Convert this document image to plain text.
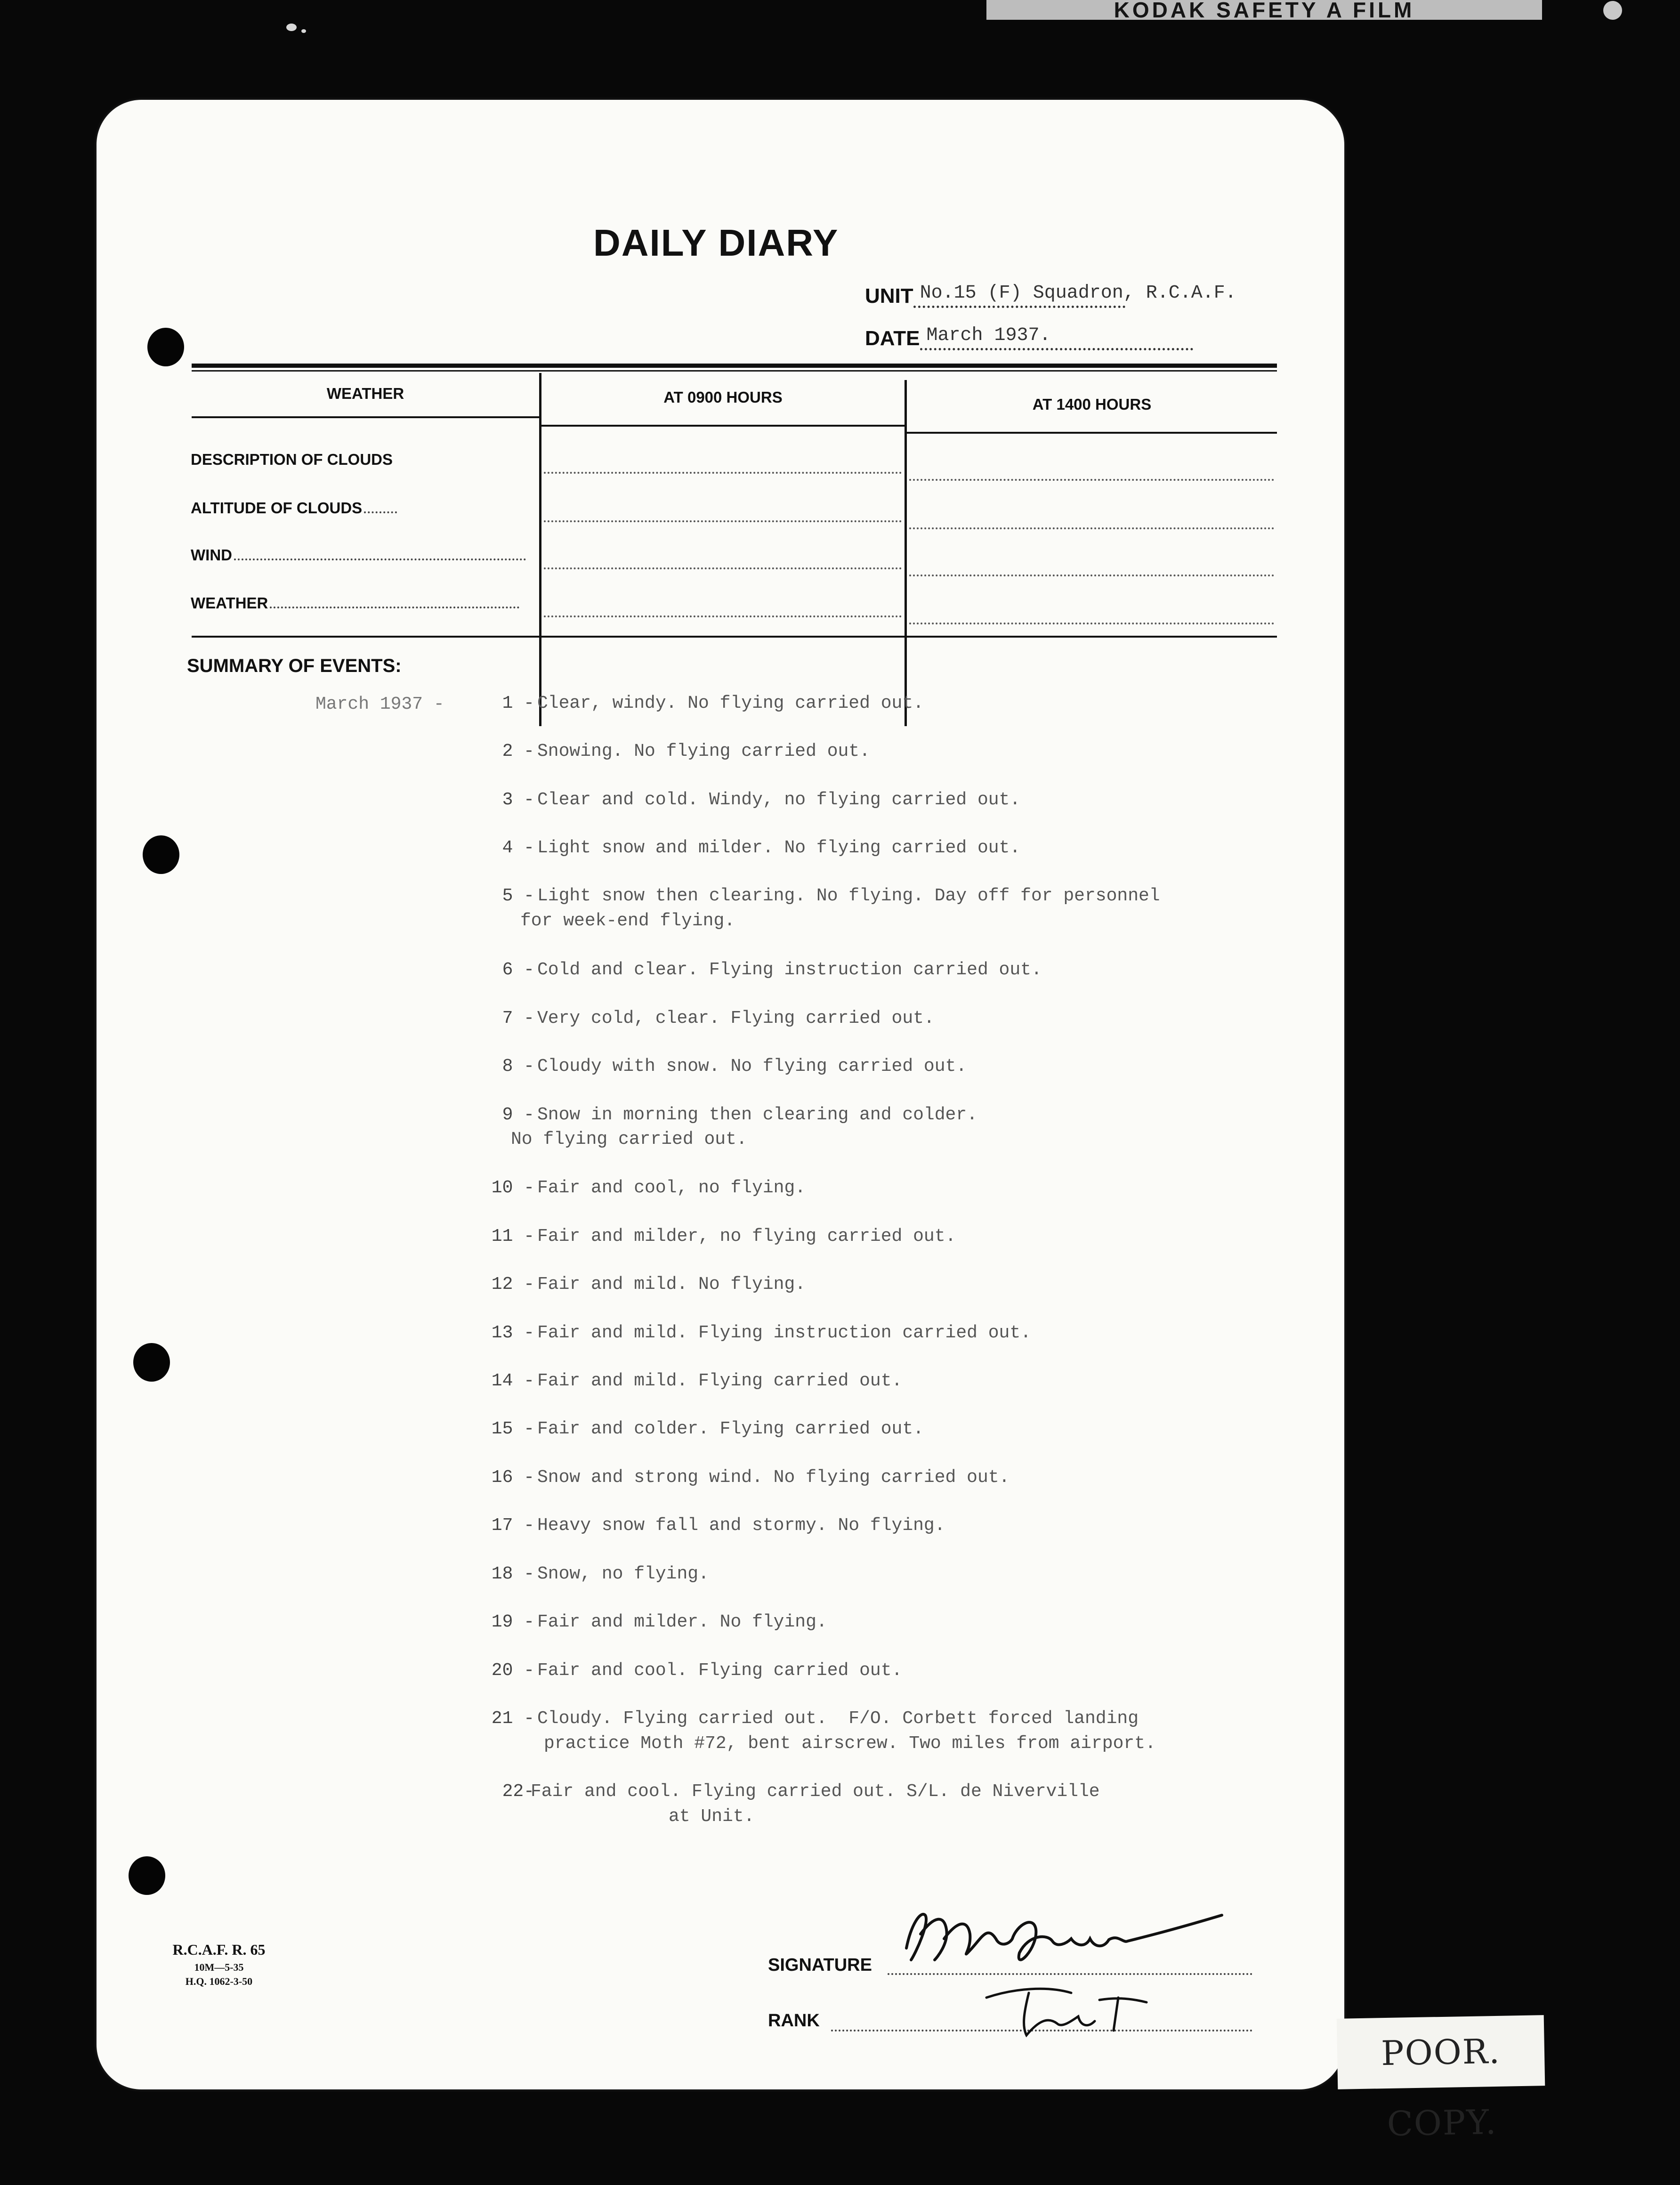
KODAK SAFETY A FILM
DAILY DIARY
UNIT No.15 (F) Squadron, R.C.A.F.
DATE March 1937.
WEATHER	AT 0900 HOURS	AT 1400 HOURS
DESCRIPTION OF CLOUDS
ALTITUDE OF CLOUDS
WIND
WEATHER
SUMMARY OF EVENTS:
March 1937 -	1 - Clear, windy. No flying carried out.
2 - Snowing. No flying carried out.
3 - Clear and cold. Windy, no flying carried out.
4 - Light snow and milder. No flying carried out.
5 - Light snow then clearing. No flying. Day off for personnel
for week-end flying.
6 - Cold and clear. Flying instruction carried out.
7 - Very cold, clear. Flying carried out.
8 - Cloudy with snow. No flying carried out.
9 - Snow in morning then clearing and colder.
No flying carried out.
10 - Fair and cool, no flying.
11 - Fair and milder, no flying carried out.
12 - Fair and mild. No flying.
13 - Fair and mild. Flying instruction carried out.
14 - Fair and mild. Flying carried out.
15 - Fair and colder. Flying carried out.
16 - Snow and strong wind. No flying carried out.
17 - Heavy snow fall and stormy. No flying.
18 - Snow, no flying.
19 - Fair and milder. No flying.
20 - Fair and cool. Flying carried out.
21 - Cloudy. Flying carried out.  F/O. Corbett forced landing
practice Moth #72, bent airscrew. Two miles from airport.
22-
Fair and cool. Flying carried out. S/L. de Niverville
at Unit.
R.C.A.F. R. 65
10M—5-35
H.Q. 1062-3-50
SIGNATURE
RANK
POOR. COPY.
